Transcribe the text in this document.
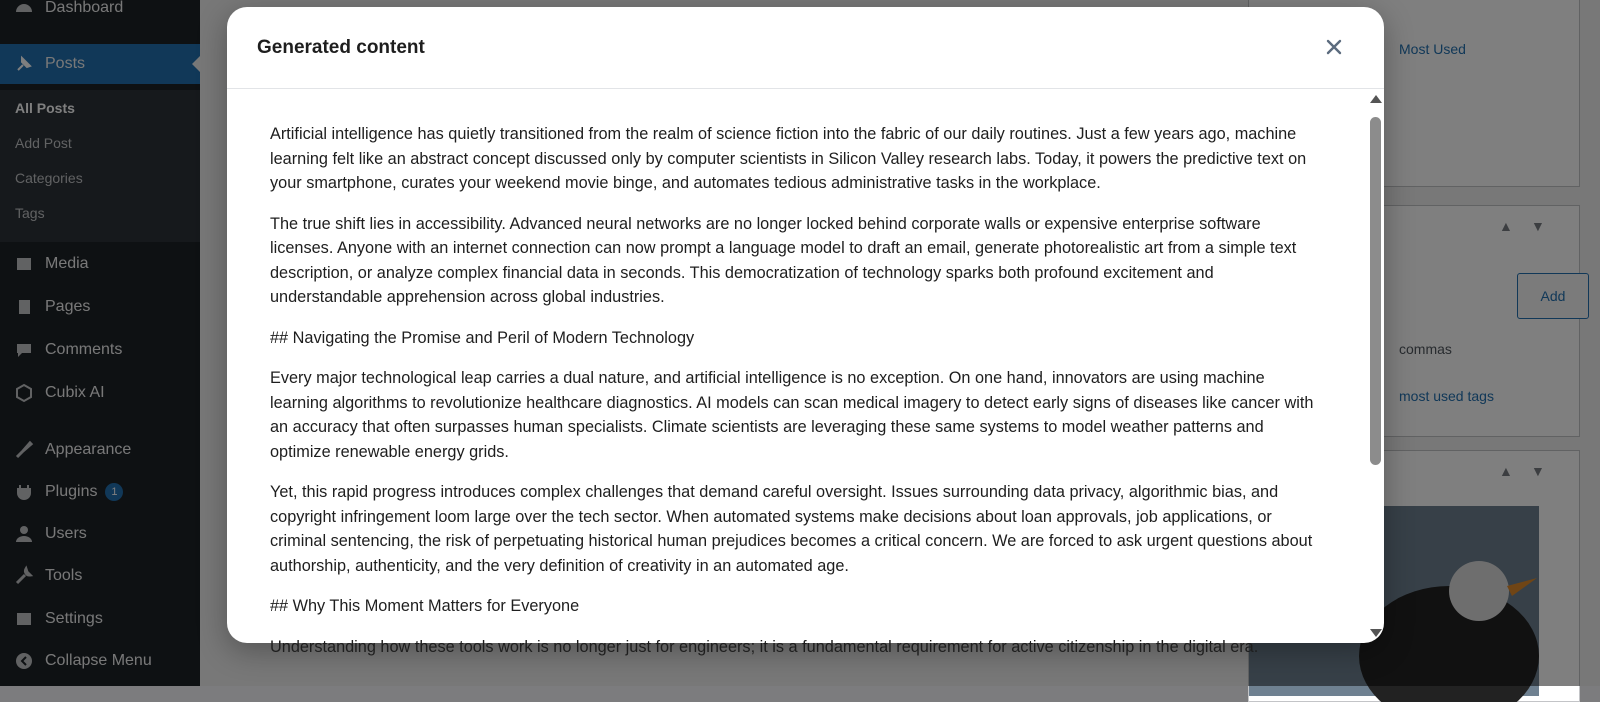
Generated content

Artificial intelligence has quietly transitioned from the realm of science fiction into the fabric of our daily routines. Just a few years ago, machine learning felt like an abstract concept discussed only by computer scientists in Silicon Valley research labs. Today, it powers the predictive text on your smartphone, curates your weekend movie binge, and automates tedious administrative tasks in the workplace.

The true shift lies in accessibility. Advanced neural networks are no longer locked behind corporate walls or expensive enterprise software licenses. Anyone with an internet connection can now prompt a language model to draft an email, generate photorealistic art from a simple text description, or analyze complex financial data in seconds. This democratization of technology sparks both profound excitement and understandable apprehension across global industries.

## Navigating the Promise and Peril of Modern Technology

Every major technological leap carries a dual nature, and artificial intelligence is no exception. On one hand, innovators are using machine learning algorithms to revolutionize healthcare diagnostics. AI models can scan medical imagery to detect early signs of diseases like cancer with an accuracy that often surpasses human specialists. Climate scientists are leveraging these same systems to model weather patterns and optimize renewable energy grids.

Yet, this rapid progress introduces complex challenges that demand careful oversight. Issues surrounding data privacy, algorithmic bias, and copyright infringement loom large over the tech sector. When automated systems make decisions about loan approvals, job applications, or criminal sentencing, the risk of perpetuating historical human prejudices becomes a critical concern. We are forced to ask urgent questions about authorship, authenticity, and the very definition of creativity in an automated age.

## Why This Moment Matters for Everyone

Understanding how these tools work is no longer just for engineers; it is a fundamental requirement for active citizenship in the digital era.
